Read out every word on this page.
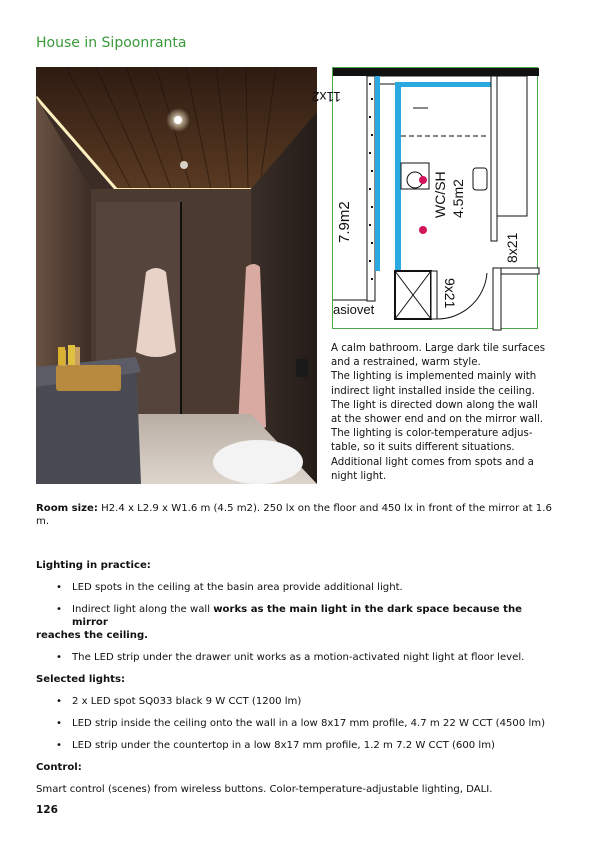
House in Sipoonranta
11x2
7.9m2
WC/SH 4.5m2
9x21
8x21
asiovet
A calm bathroom. Large dark tile surfaces
and a restrained, warm style.
The lighting is implemented mainly with
indirect light installed inside the ceiling.
The light is directed down along the wall
at the shower end and on the mirror wall.
The lighting is color-temperature adjus-
table, so it suits different situations.
Additional light comes from spots and a
night light.

Room size: H2.4 x L2.9 x W1.6 m (4.5 m2). 250 lx on the floor and 450 lx in front of the mirror at 1.6 m.

Lighting in practice:

• LED spots in the ceiling at the basin area provide additional light.

• Indirect light along the wall works as the main light in the dark space because the mirror

reaches the ceiling.

• The LED strip under the drawer unit works as a motion-activated night light at floor level.

Selected lights:

• 2 x LED spot SQ033 black 9 W CCT (1200 lm)

• LED strip inside the ceiling onto the wall in a low 8x17 mm profile, 4.7 m 22 W CCT (4500 lm)

• LED strip under the countertop in a low 8x17 mm profile, 1.2 m 7.2 W CCT (600 lm)

Control:

Smart control (scenes) from wireless buttons. Color-temperature-adjustable lighting, DALI.

126
